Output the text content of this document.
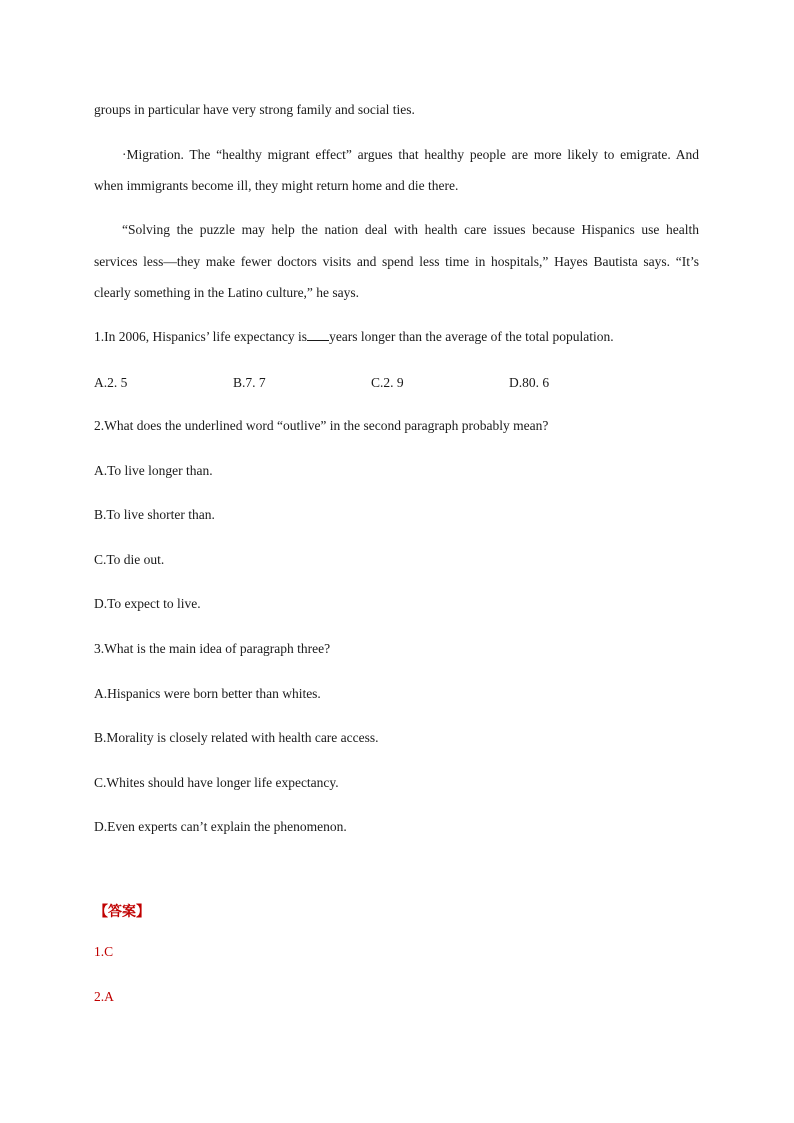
groups in particular have very strong family and social ties.
·Migration. The “healthy migrant effect” argues that healthy people are more likely to emigrate. And
when immigrants become ill, they might return home and die there.
“Solving the puzzle may help the nation deal with health care issues because Hispanics use health
services less—they make fewer doctors visits and spend less time in hospitals,” Hayes Bautista says. “It’s
clearly something in the Latino culture,” he says.
1.In 2006, Hispanics’ life expectancy is years longer than the average of the total population.
A.2. 5	B.7. 7	C.2. 9	D.80. 6
2.What does the underlined word “outlive” in the second paragraph probably mean?
A.To live longer than.
B.To live shorter than.
C.To die out.
D.To expect to live.
3.What is the main idea of paragraph three?
A.Hispanics were born better than whites.
B.Morality is closely related with health care access.
C.Whites should have longer life expectancy.
D.Even experts can’t explain the phenomenon.
【答案】
1.C
2.A
